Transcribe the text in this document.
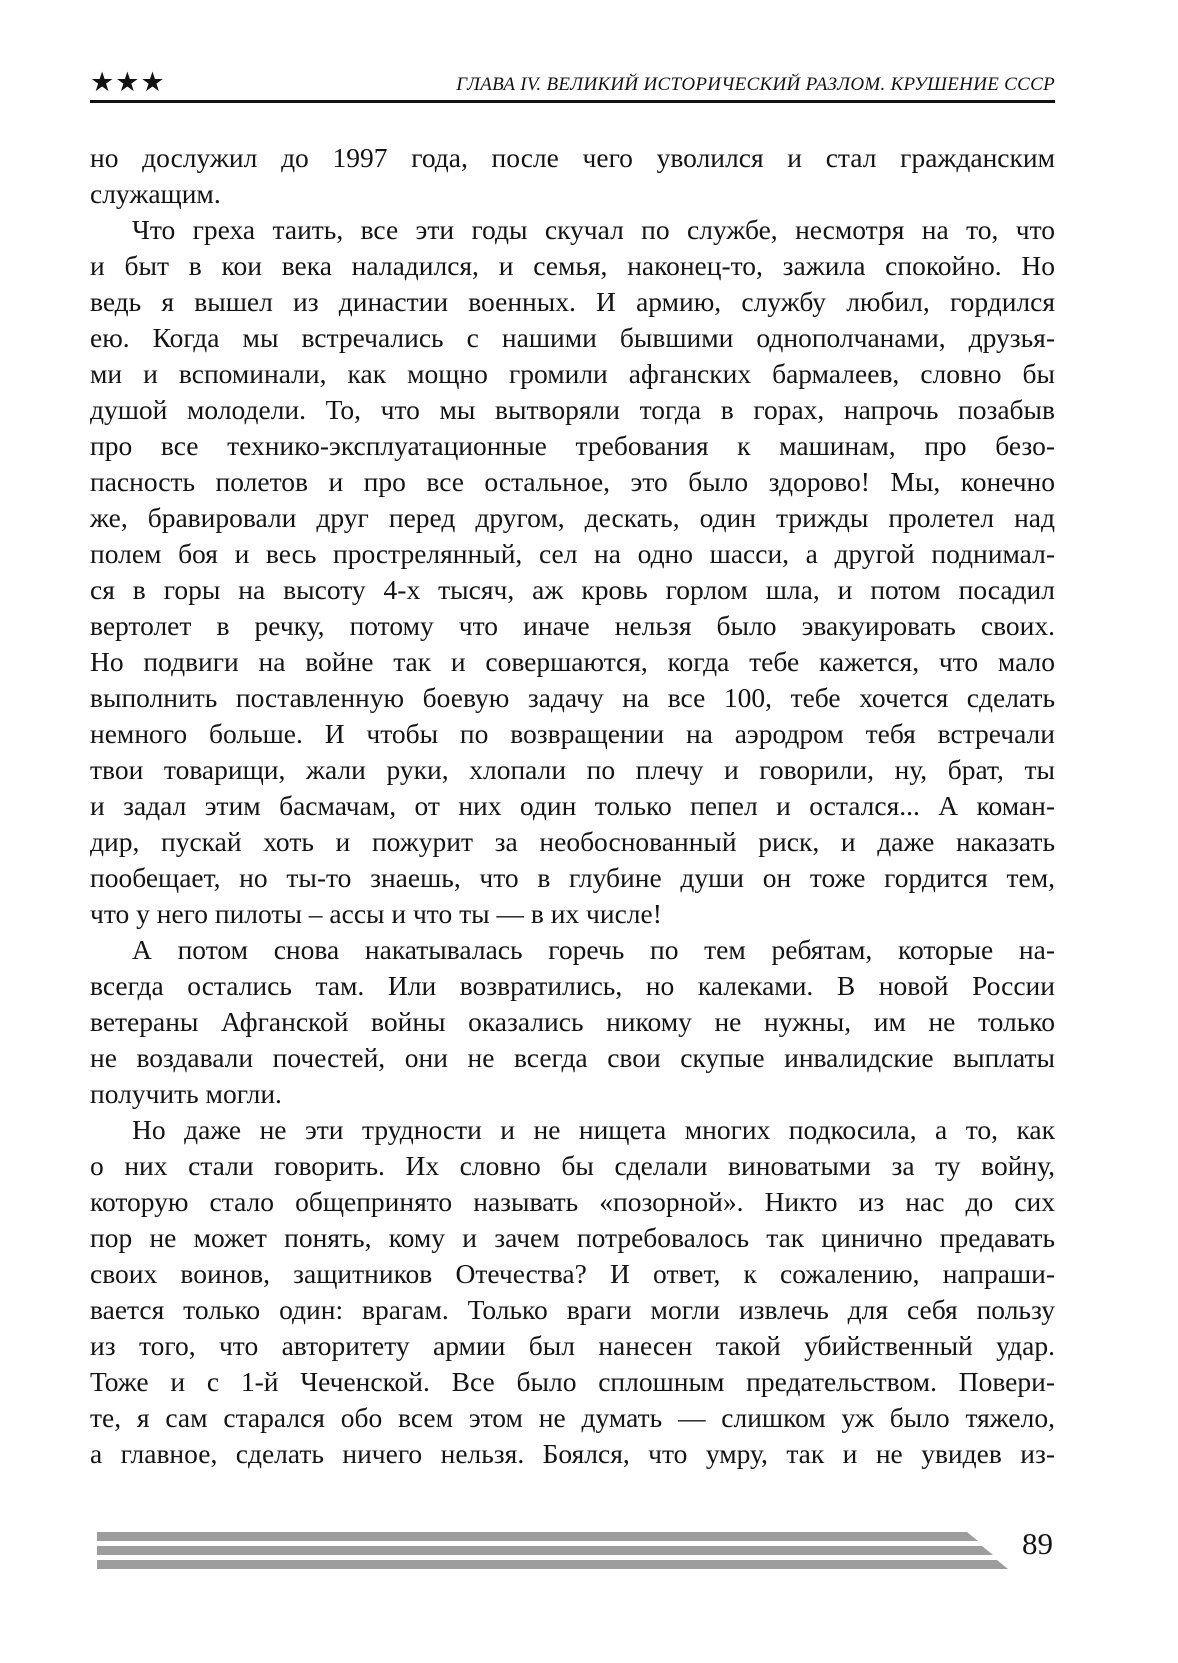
★★★	ГЛАВА IV. ВЕЛИКИЙ ИСТОРИЧЕСКИЙ РАЗЛОМ. КРУШЕНИЕ СССР
но дослужил до 1997 года, после чего уволился и стал гражданским
служащим.
Что греха таить, все эти годы скучал по службе, несмотря на то, что
и быт в кои века наладился, и семья, наконец-то, зажила спокойно. Но
ведь я вышел из династии военных. И армию, службу любил, гордился
ею. Когда мы встречались с нашими бывшими однополчанами, друзья-
ми и вспоминали, как мощно громили афганских бармалеев, словно бы
душой молодели. То, что мы вытворяли тогда в горах, напрочь позабыв
про все технико-эксплуатационные требования к машинам, про безо-
пасность полетов и про все остальное, это было здорово! Мы, конечно
же, бравировали друг перед другом, дескать, один трижды пролетел над
полем боя и весь прострелянный, сел на одно шасси, а другой поднимал-
ся в горы на высоту 4-х тысяч, аж кровь горлом шла, и потом посадил
вертолет в речку, потому что иначе нельзя было эвакуировать своих.
Но подвиги на войне так и совершаются, когда тебе кажется, что мало
выполнить поставленную боевую задачу на все 100, тебе хочется сделать
немного больше. И чтобы по возвращении на аэродром тебя встречали
твои товарищи, жали руки, хлопали по плечу и говорили, ну, брат, ты
и задал этим басмачам, от них один только пепел и остался... А коман-
дир, пускай хоть и пожурит за необоснованный риск, и даже наказать
пообещает, но ты-то знаешь, что в глубине души он тоже гордится тем,
что у него пилоты – ассы и что ты — в их числе!
А потом снова накатывалась горечь по тем ребятам, которые на-
всегда остались там. Или возвратились, но калеками. В новой России
ветераны Афганской войны оказались никому не нужны, им не только
не воздавали почестей, они не всегда свои скупые инвалидские выплаты
получить могли.
Но даже не эти трудности и не нищета многих подкосила, а то, как
о них стали говорить. Их словно бы сделали виноватыми за ту войну,
которую стало общепринято называть «позорной». Никто из нас до сих
пор не может понять, кому и зачем потребовалось так цинично предавать
своих воинов, защитников Отечества? И ответ, к сожалению, напраши-
вается только один: врагам. Только враги могли извлечь для себя пользу
из того, что авторитету армии был нанесен такой убийственный удар.
Тоже и с 1-й Чеченской. Все было сплошным предательством. Повери-
те, я сам старался обо всем этом не думать — слишком уж было тяжело,
а главное, сделать ничего нельзя. Боялся, что умру, так и не увидев из-
89
